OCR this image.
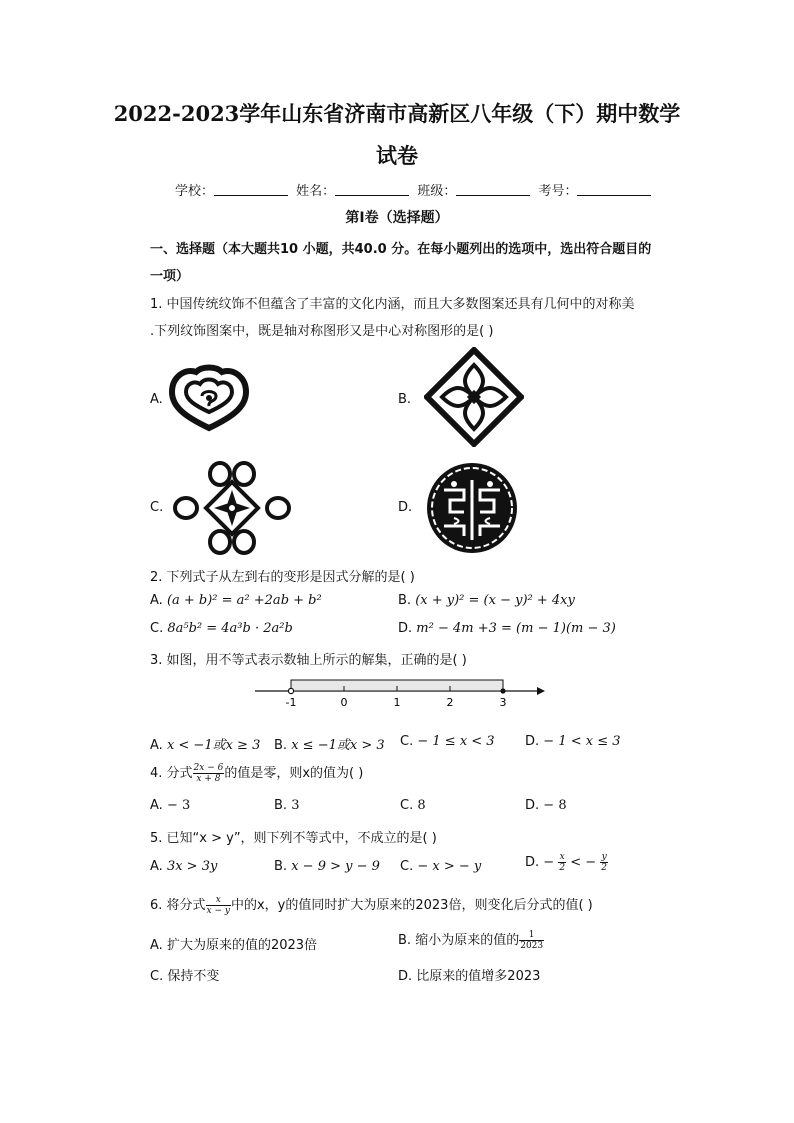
2022-2023学年山东省济南市高新区八年级（下）期中数学
试卷
学校：	姓名：	班级：	考号：
第Ⅰ卷（选择题）
一、选择题（本大题共10 小题，共40.0 分。在每小题列出的选项中，选出符合题目的
一项）
1. 中国传统纹饰不但蕴含了丰富的文化内涵，而且大多数图案还具有几何中的对称美
.下列纹饰图案中，既是轴对称图形又是中心对称图形的是( )
A.	B.
C.	D.
2. 下列式子从左到右的变形是因式分解的是( )
A. (a + b)² = a² +2ab + b²	B. (x + y)² = (x − y)² + 4xy
C. 8a⁵b² = 4a³b · 2a²b	D. m² − 4m +3 = (m − 1)(m − 3)
3. 如图，用不等式表示数轴上所示的解集，正确的是( )
-1	0	1	2	3
A. x < −1或x ≥ 3 B. x ≤ −1或x > 3 C. − 1 ≤ x < 3 D. − 1 < x ≤ 3
4. 分式 $\frac{2x - 6}{x + 8}$ 的值是零，则x的值为( )
A. − 3	B. 3	C. 8	D. − 8
5. 已知“x > y”，则下列不等式中，不成立的是( )
A. 3x > 3y	B. x − 9 > y − 9 C. − x > − y	D. − $\frac{x}{2}$ < − $\frac{y}{2}$
6. 将分式 $\frac{x}{x - y}$ 中的x，y的值同时扩大为原来的2023倍，则变化后分式的值( )
A. 扩大为原来的值的2023倍	B. 缩小为原来的值的 $\frac{1}{2023}$
C. 保持不变	D. 比原来的值增多2023
